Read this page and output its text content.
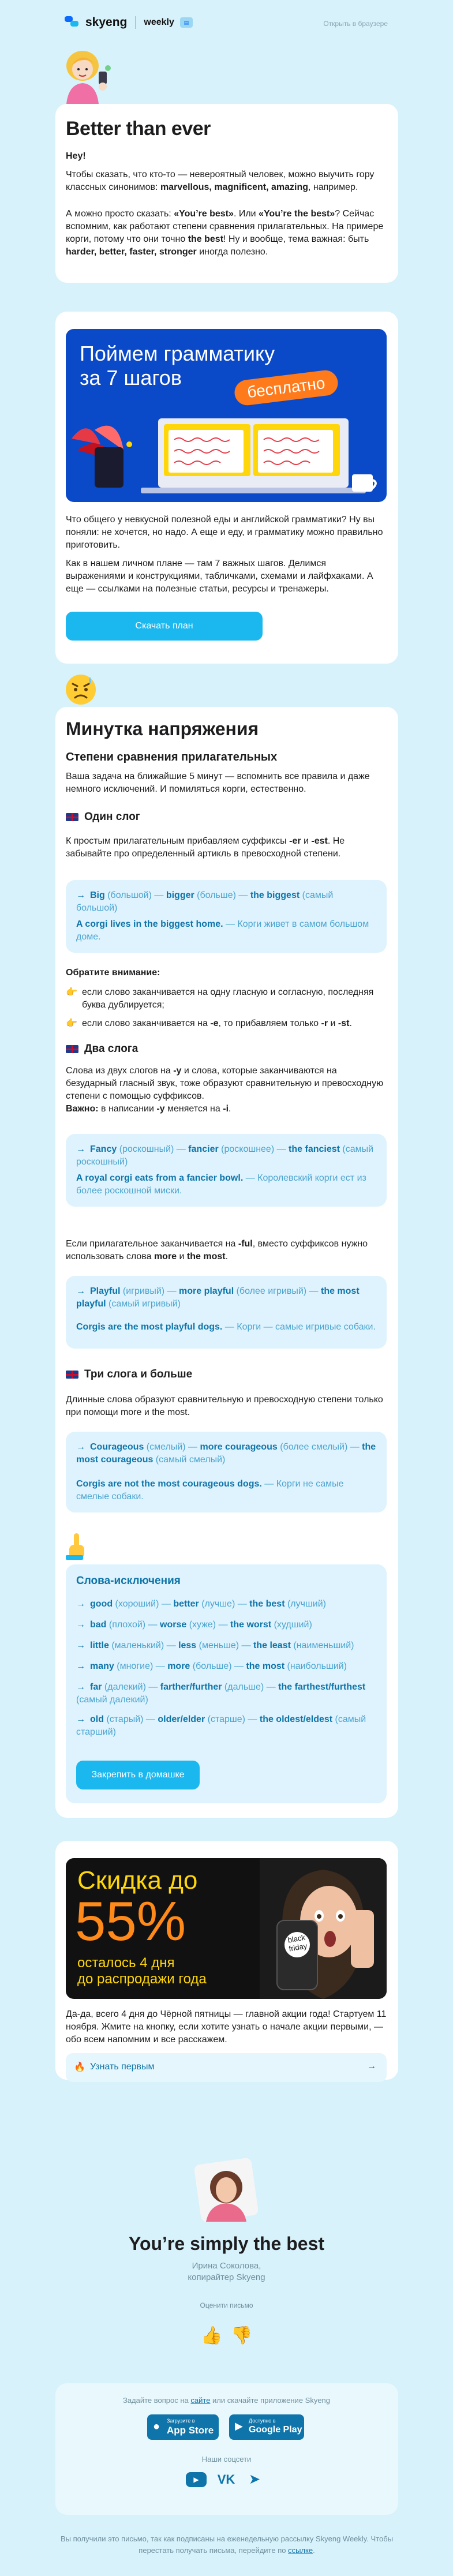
skyeng weekly	▤	Открыть в браузере
Better than ever

Hey!

Чтобы сказать, что кто-то — невероятный человек, можно выучить гору классных синонимов: marvellous, magnificent, amazing, например.

А можно просто сказать: «You’re best». Или «You’re the best»? Сейчас вспомним, как работают степени сравнения прилагательных. На примере корги, потому что они точно the best! Ну и вообще, тема важная: быть harder, better, faster, stronger иногда полезно.

Поймем грамматику
за 7 шагов	бесплатно

Что общего у невкусной полезной еды и английской грамматики? Ну вы поняли: не хочется, но надо. А еще и еду, и грамматику можно правильно приготовить.

Как в нашем личном плане — там 7 важных шагов. Делимся выражениями и конструкциями, табличками, схемами и лайфхаками. А еще — ссылками на полезные статьи, ресурсы и тренажеры.

Скачать план
Минутка напряжения
Степени сравнения прилагательных

Ваша задача на ближайшие 5 минут — вспомнить все правила и даже немного исключений. И помиляться корги, естественно.

Один слог

К простым прилагательным прибавляем суффиксы -er и -est. Не забывайте про определенный артикль в превосходной степени.

→ Big (большой) — bigger (больше) — the biggest (самый большой)
A corgi lives in the biggest home. — Корги живет в самом большом доме.

Обратите внимание:

👉 если слово заканчивается на одну гласную и согласную, последняя буква дублируется;
👉 если слово заканчивается на -e, то прибавляем только -r и -st.
Два слога

Слова из двух слогов на -y и слова, которые заканчиваются на безударный гласный звук, тоже образуют сравнительную и превосходную степени с помощью суффиксов.
Важно: в написании -y меняется на -i.

→ Fancy (роскошный) — fancier (роскошнее) — the fanciest (самый роскошный)
A royal corgi eats from a fancier bowl. — Королевский корги ест из более роскошной миски.

Если прилагательное заканчивается на -ful, вместо суффиксов нужно использовать слова more и the most.

→ Playful (игривый) — more playful (более игривый) — the most playful (самый игривый)
Corgis are the most playful dogs. — Корги — самые игривые собаки.
Три слога и больше

Длинные слова образуют сравнительную и превосходную степени только при помощи more и the most.

→ Courageous (смелый) — more courageous (более смелый) — the most courageous (самый смелый)
Corgis are not the most courageous dogs. — Корги не самые смелые собаки.
Слова-исключения
→ good (хороший) — better (лучше) — the best (лучший)
→ bad (плохой) — worse (хуже) — the worst (худший)
→ little (маленький) — less (меньше) — the least (наименьший)
→ many (многие) — more (больше) — the most (наибольший)
→ far (далекий) — farther/further (дальше) — the farthest/furthest (самый далекий)
→ old (старый) — older/elder (старше) — the oldest/eldest (самый старший)
Закрепить в домашке
Скидка до
55%
осталось 4 дня
до распродажи года
black
friday

Да-да, всего 4 дня до Чёрной пятницы — главной акции года! Стартуем 11 ноября. Жмите на кнопку, если хотите узнать о начале акции первыми, — обо всем напомним и все расскажем.

🔥 Узнать первым	→
You’re simply the best
Ирина Соколова,
копирайтер Skyeng
Оценити письмо
👍 👎
Задайте вопрос на сайте или скачайте приложение Skyeng
● Загрузите в
App Store ▶ Доступно в
Google Play
Наши соцсети
▶	VK ➤
Вы получили это письмо, так как подписаны на еженедельную рассылку Skyeng Weekly. Чтобы перестать получать письма, перейдите по ссылке.
